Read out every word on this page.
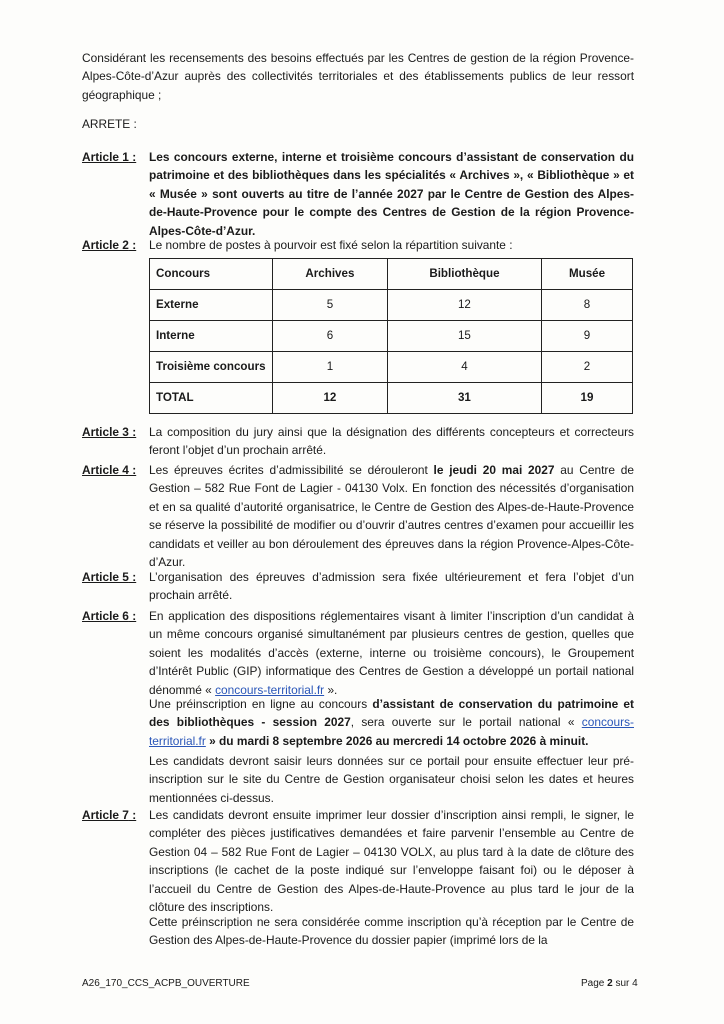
Considérant les recensements des besoins effectués par les Centres de gestion de la région Provence-Alpes-Côte-d’Azur auprès des collectivités territoriales et des établissements publics de leur ressort géographique ;

ARRETE :

Article 1 :	Les concours externe, interne et troisième concours d’assistant de conservation du patrimoine et des bibliothèques dans les spécialités « Archives », « Bibliothèque » et « Musée » sont ouverts au titre de l’année 2027 par le Centre de Gestion des Alpes-de-Haute-Provence pour le compte des Centres de Gestion de la région Provence-Alpes-Côte-d’Azur.

Article 2 :	Le nombre de postes à pourvoir est fixé selon la répartition suivante :

Concours	Archives	Bibliothèque	Musée
Externe	5	12	8
Interne	6	15	9
Troisième concours	1	4	2
TOTAL	12	31	19
Article 3 :	La composition du jury ainsi que la désignation des différents concepteurs et correcteurs feront l’objet d’un prochain arrêté.

Article 4 :	Les épreuves écrites d’admissibilité se dérouleront le jeudi 20 mai 2027 au Centre de Gestion – 582 Rue Font de Lagier - 04130 Volx. En fonction des nécessités d’organisation et en sa qualité d’autorité organisatrice, le Centre de Gestion des Alpes-de-Haute-Provence se réserve la possibilité de modifier ou d’ouvrir d’autres centres d’examen pour accueillir les candidats et veiller au bon déroulement des épreuves dans la région Provence-Alpes-Côte-d’Azur.

Article 5 :	L’organisation des épreuves d’admission sera fixée ultérieurement et fera l’objet d’un prochain arrêté.

Article 6 :	En application des dispositions réglementaires visant à limiter l’inscription d’un candidat à un même concours organisé simultanément par plusieurs centres de gestion, quelles que soient les modalités d’accès (externe, interne ou troisième concours), le Groupement d’Intérêt Public (GIP) informatique des Centres de Gestion a développé un portail national dénommé « concours-territorial.fr ».

Une préinscription en ligne au concours d’assistant de conservation du patrimoine et des bibliothèques - session 2027, sera ouverte sur le portail national « concours-territorial.fr » du mardi 8 septembre 2026 au mercredi 14 octobre 2026 à minuit.

Les candidats devront saisir leurs données sur ce portail pour ensuite effectuer leur pré-inscription sur le site du Centre de Gestion organisateur choisi selon les dates et heures mentionnées ci-dessus.

Article 7 :	Les candidats devront ensuite imprimer leur dossier d’inscription ainsi rempli, le signer, le compléter des pièces justificatives demandées et faire parvenir l’ensemble au Centre de Gestion 04 – 582 Rue Font de Lagier – 04130 VOLX, au plus tard à la date de clôture des inscriptions (le cachet de la poste indiqué sur l’enveloppe faisant foi) ou le déposer à l’accueil du Centre de Gestion des Alpes-de-Haute-Provence au plus tard le jour de la clôture des inscriptions.

Cette préinscription ne sera considérée comme inscription qu’à réception par le Centre de Gestion des Alpes-de-Haute-Provence du dossier papier (imprimé lors de la

A26_170_CCS_ACPB_OUVERTURE	Page 2 sur 4
